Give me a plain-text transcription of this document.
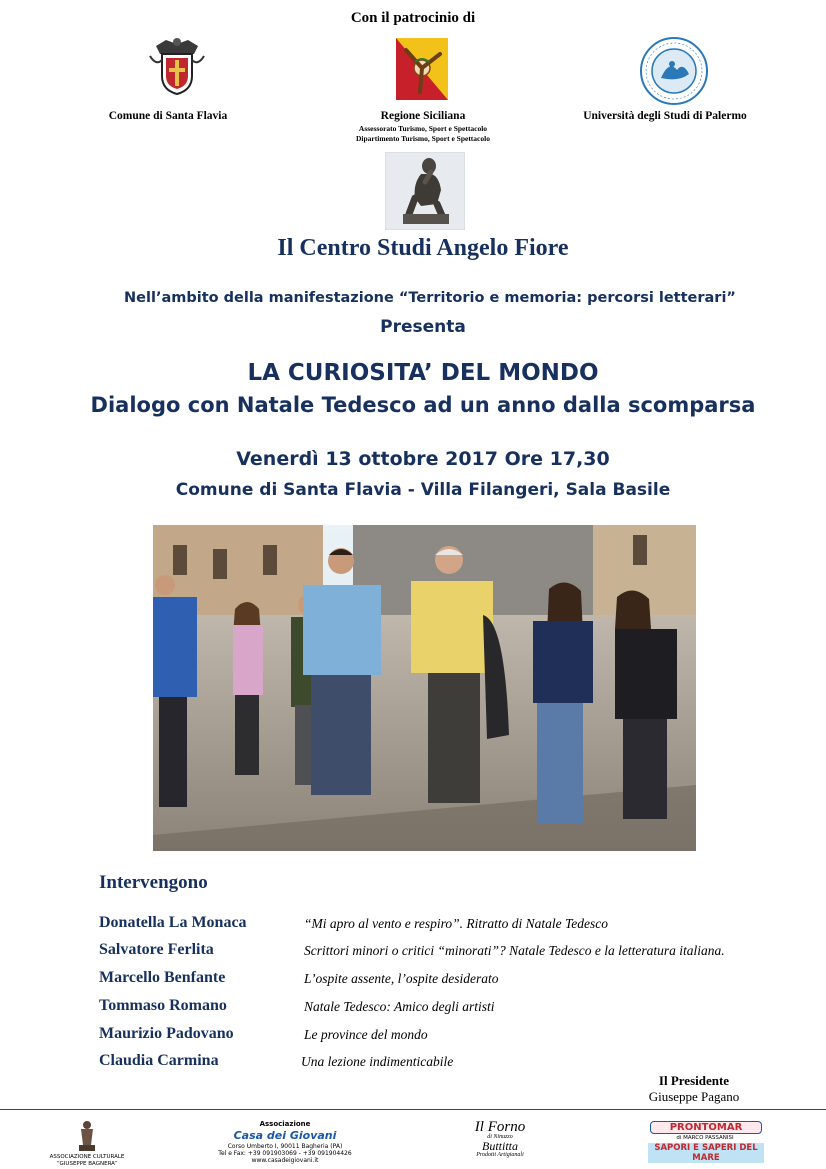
Con il patrocinio di
Comune di Santa Flavia	Regione Siciliana
Assessorato Turismo, Sport e Spettacolo
Dipartimento Turismo, Sport e Spettacolo
Università degli Studi di Palermo
Il Centro Studi Angelo Fiore
Nell’ambito della manifestazione “Territorio e memoria: percorsi letterari”
Presenta
LA CURIOSITA’ DEL MONDO
Dialogo con Natale Tedesco ad un anno dalla scomparsa
Venerdì 13 ottobre 2017 Ore 17,30
Comune di Santa Flavia - Villa Filangeri, Sala Basile
Intervengono
Donatella La Monaca	“Mi apro al vento e respiro”. Ritratto di Natale Tedesco
Salvatore Ferlita	Scrittori minori o critici “minorati”? Natale Tedesco e la letteratura italiana.
Marcello Benfante	L’ospite assente, l’ospite desiderato
Tommaso Romano	Natale Tedesco: Amico degli artisti
Maurizio Padovano	Le province del mondo
Claudia Carmina	Una lezione indimenticabile
Il Presidente
Giuseppe Pagano
ASSOCIAZIONE CULTURALE
“GIUSEPPE BAGNERA”
Associazione
Casa dei Giovani
Corso Umberto I, 90011 Bagheria (PA)
Tel e Fax: +39 091903069 - +39 091904426
www.casadeigiovani.it
Il Forno
di Ninuzzo
Buttitta
Prodotti Artigianali
PRONTOMAR
di MARCO PASSANISI
SAPORI E SAPERI DEL MARE
